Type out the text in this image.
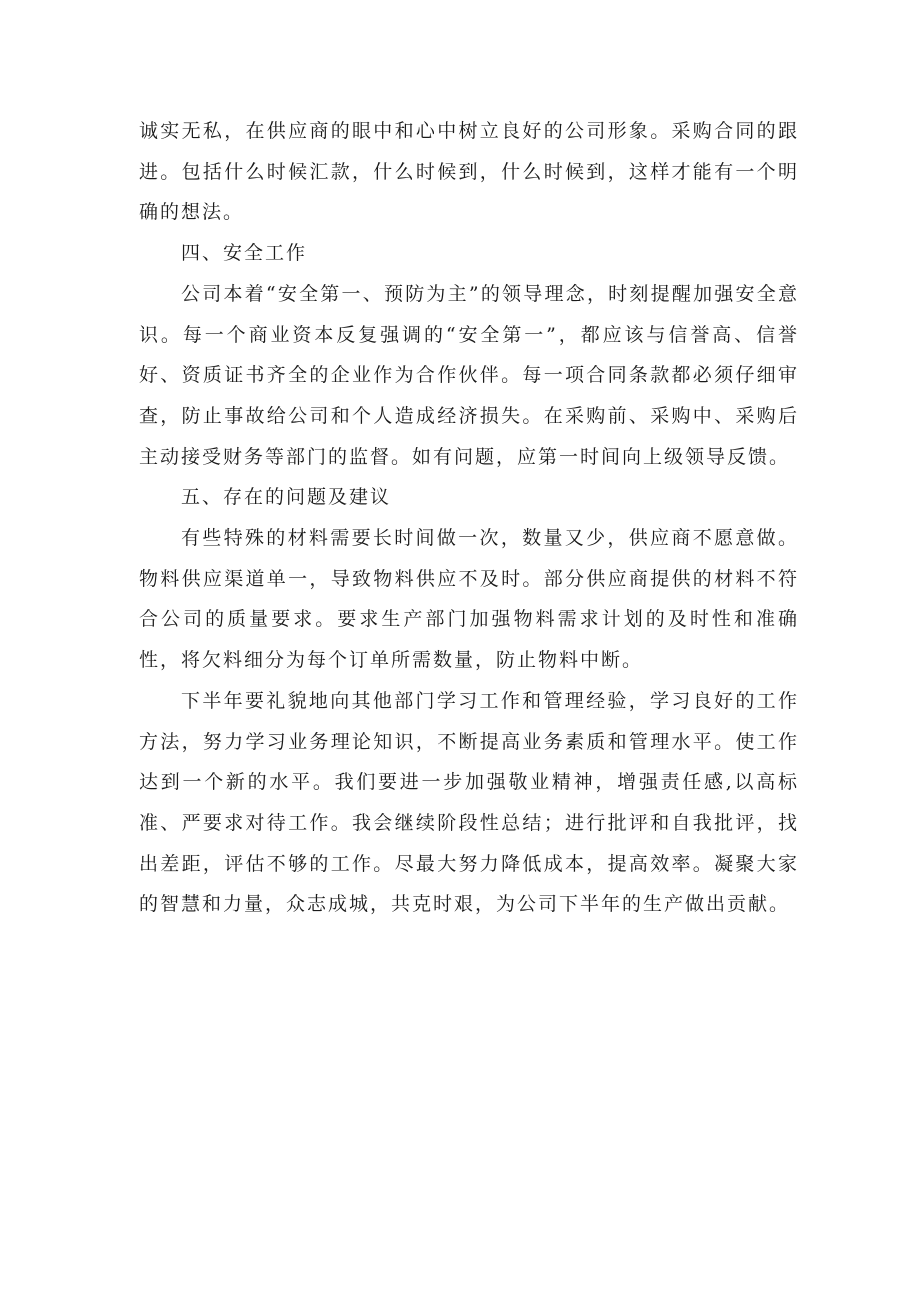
诚实无私，在供应商的眼中和心中树立良好的公司形象。采购合同的跟进。包括什么时候汇款，什么时候到，什么时候到，这样才能有一个明确的想法。

四、安全工作

公司本着“安全第一、预防为主”的领导理念，时刻提醒加强安全意识。每一个商业资本反复强调的“安全第一”，都应该与信誉高、信誉好、资质证书齐全的企业作为合作伙伴。每一项合同条款都必须仔细审查，防止事故给公司和个人造成经济损失。在采购前、采购中、采购后主动接受财务等部门的监督。如有问题，应第一时间向上级领导反馈。

五、存在的问题及建议

有些特殊的材料需要长时间做一次，数量又少，供应商不愿意做。物料供应渠道单一，导致物料供应不及时。部分供应商提供的材料不符合公司的质量要求。要求生产部门加强物料需求计划的及时性和准确性，将欠料细分为每个订单所需数量，防止物料中断。

下半年要礼貌地向其他部门学习工作和管理经验，学习良好的工作方法，努力学习业务理论知识，不断提高业务素质和管理水平。使工作达到一个新的水平。我们要进一步加强敬业精神，增强责任感,以高标准、严要求对待工作。我会继续阶段性总结；进行批评和自我批评，找出差距，评估不够的工作。尽最大努力降低成本，提高效率。凝聚大家的智慧和力量，众志成城，共克时艰，为公司下半年的生产做出贡献。
